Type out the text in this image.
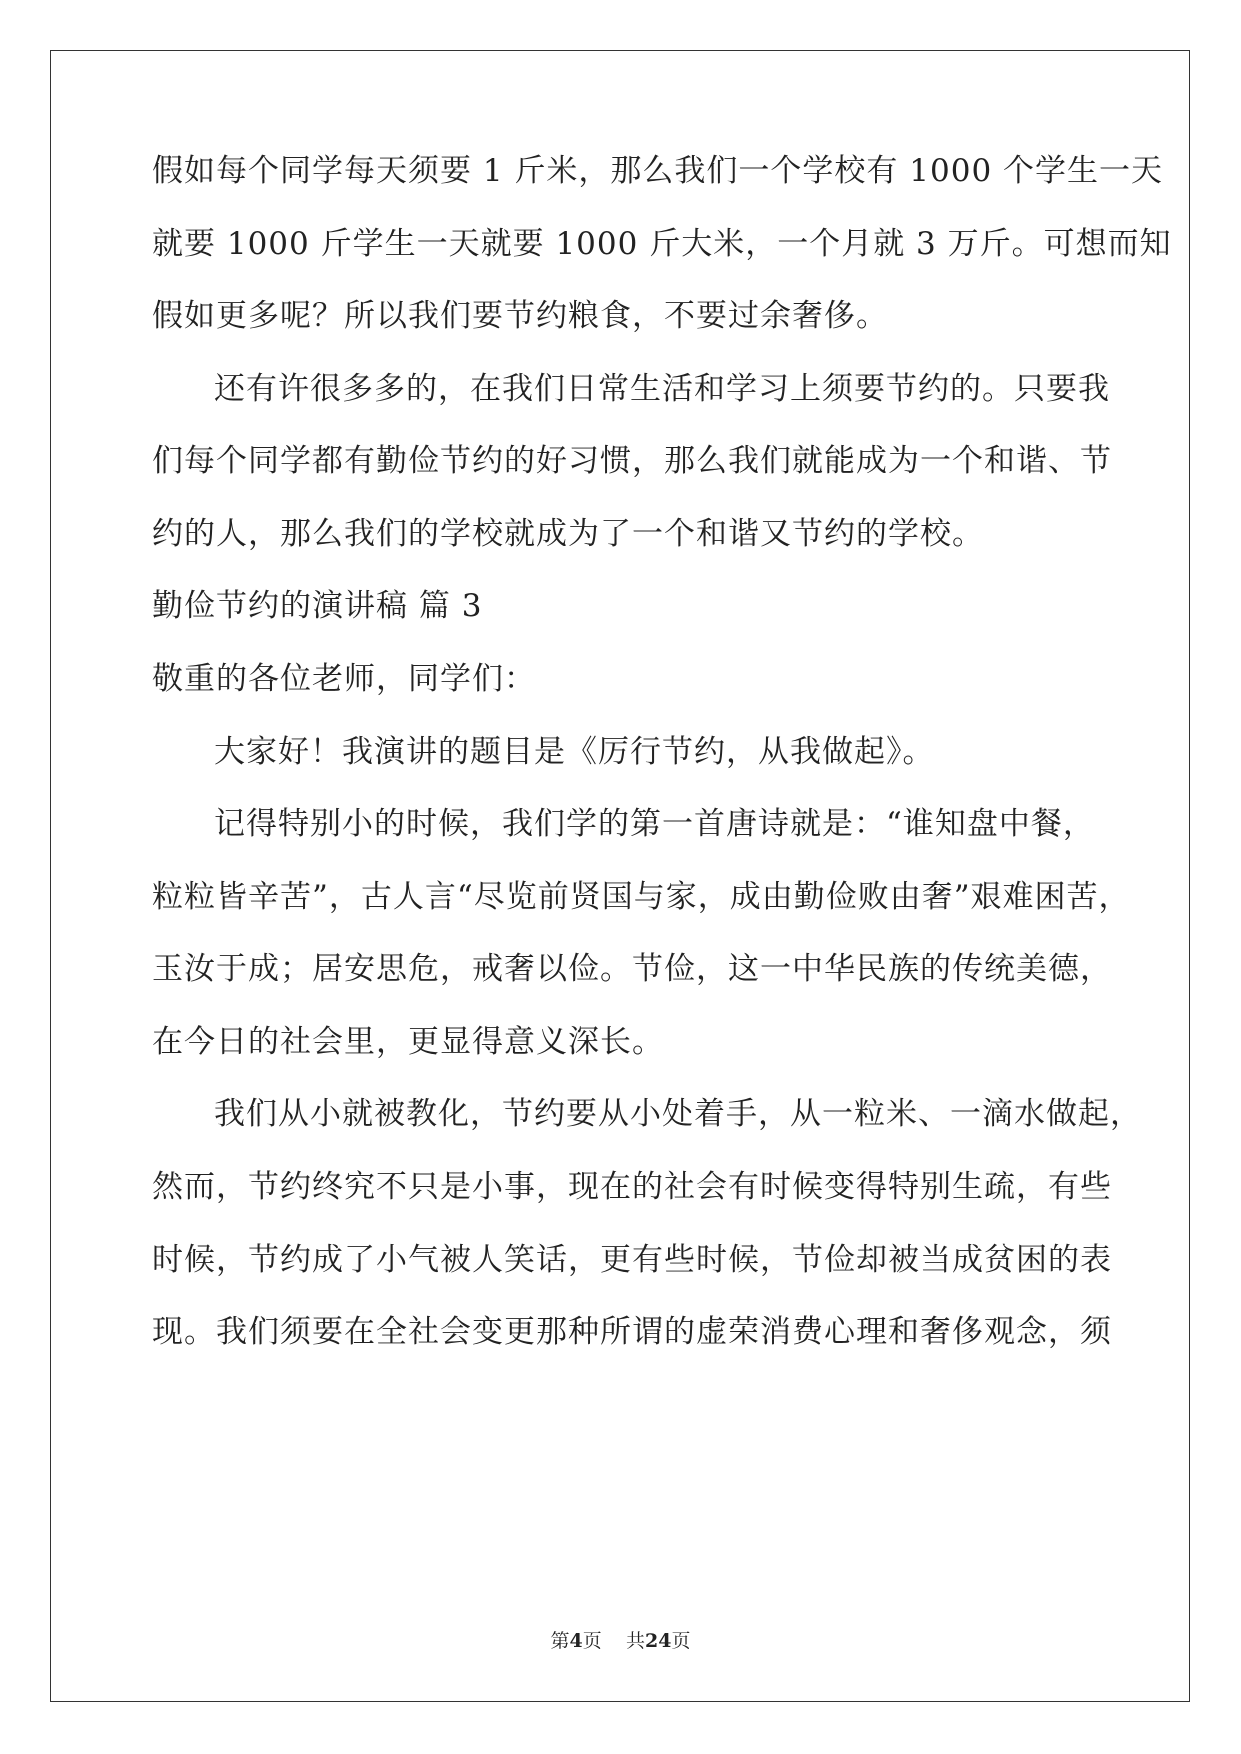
假如每个同学每天须要 1 斤米，那么我们一个学校有 1000 个学生一天
就要 1000 斤学生一天就要 1000 斤大米，一个月就 3 万斤。可想而知
假如更多呢？所以我们要节约粮食，不要过余奢侈。
还有许很多多的，在我们日常生活和学习上须要节约的。只要我
们每个同学都有勤俭节约的好习惯，那么我们就能成为一个和谐、节
约的人，那么我们的学校就成为了一个和谐又节约的学校。
勤俭节约的演讲稿 篇 3
敬重的各位老师，同学们：
大家好！我演讲的题目是《厉行节约，从我做起》。
记得特别小的时候，我们学的第一首唐诗就是：“谁知盘中餐，
粒粒皆辛苦”，古人言“尽览前贤国与家，成由勤俭败由奢”艰难困苦，
玉汝于成；居安思危，戒奢以俭。节俭，这一中华民族的传统美德，
在今日的社会里，更显得意义深长。
我们从小就被教化，节约要从小处着手，从一粒米、一滴水做起，
然而，节约终究不只是小事，现在的社会有时候变得特别生疏，有些
时候，节约成了小气被人笑话，更有些时候，节俭却被当成贫困的表
现。我们须要在全社会变更那种所谓的虚荣消费心理和奢侈观念，须
第4页 共24页
